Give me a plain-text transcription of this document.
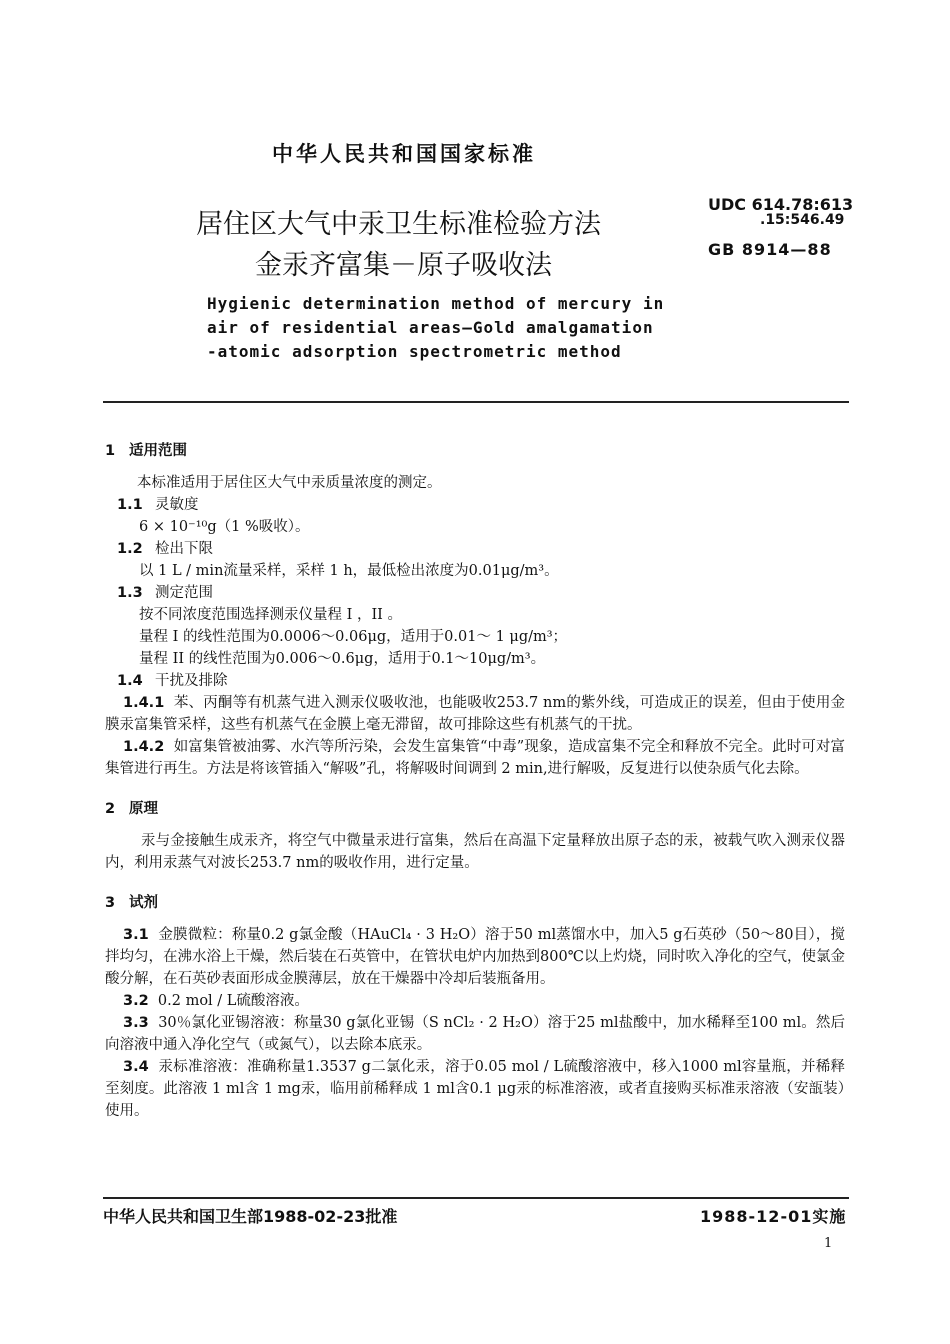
中华人民共和国国家标准
居住区大气中汞卫生标准检验方法
金汞齐富集－原子吸收法
UDC 614.78:613
.15:546.49
GB 8914—88
Hygienic determination method of mercury in
air of residential areas—Gold amalgamation
-atomic adsorption spectrometric method
1 适用范围
本标准适用于居住区大气中汞质量浓度的测定。
1.1 灵敏度
6 × 10⁻¹⁰g（1 %吸收）。
1.2 检出下限
以 1 L / min流量采样，采样 1 h，最低检出浓度为0.01μg/m³。
1.3 测定范围
按不同浓度范围选择测汞仪量程 I ，II 。
量程 I 的线性范围为0.0006～0.06μg，适用于0.01～ 1 μg/m³；
量程 II 的线性范围为0.006～0.6μg，适用于0.1～10μg/m³。
1.4 干扰及排除
1.4.1 苯、丙酮等有机蒸气进入测汞仪吸收池，也能吸收253.7 nm的紫外线，可造成正的误差，但由于使用金膜汞富集管采样，这些有机蒸气在金膜上毫无滞留，故可排除这些有机蒸气的干扰。
1.4.2 如富集管被油雾、水汽等所污染，会发生富集管“中毒”现象，造成富集不完全和释放不完全。此时可对富集管进行再生。方法是将该管插入“解吸”孔，将解吸时间调到 2 min,进行解吸，反复进行以使杂质气化去除。
2 原理
汞与金接触生成汞齐，将空气中微量汞进行富集，然后在高温下定量释放出原子态的汞，被载气吹入测汞仪器内，利用汞蒸气对波长253.7 nm的吸收作用，进行定量。
3 试剂
3.1 金膜微粒：称量0.2 g氯金酸（HAuCl₄ · 3 H₂O）溶于50 ml蒸馏水中，加入5 g石英砂（50～80目），搅拌均匀，在沸水浴上干燥，然后装在石英管中，在管状电炉内加热到800℃以上灼烧，同时吹入净化的空气，使氯金酸分解，在石英砂表面形成金膜薄层，放在干燥器中冷却后装瓶备用。
3.2 0.2 mol / L硫酸溶液。
3.3 30％氯化亚锡溶液：称量30 g氯化亚锡（S nCl₂ · 2 H₂O）溶于25 ml盐酸中，加水稀释至100 ml。然后向溶液中通入净化空气（或氮气），以去除本底汞。
3.4 汞标准溶液：准确称量1.3537 g二氯化汞，溶于0.05 mol / L硫酸溶液中，移入1000 ml容量瓶，并稀释至刻度。此溶液 1 ml含 1 mg汞，临用前稀释成 1 ml含0.1 μg汞的标准溶液，或者直接购买标准汞溶液（安瓿装）使用。
中华人民共和国卫生部1988-02-23批准	1988-12-01实施
1
